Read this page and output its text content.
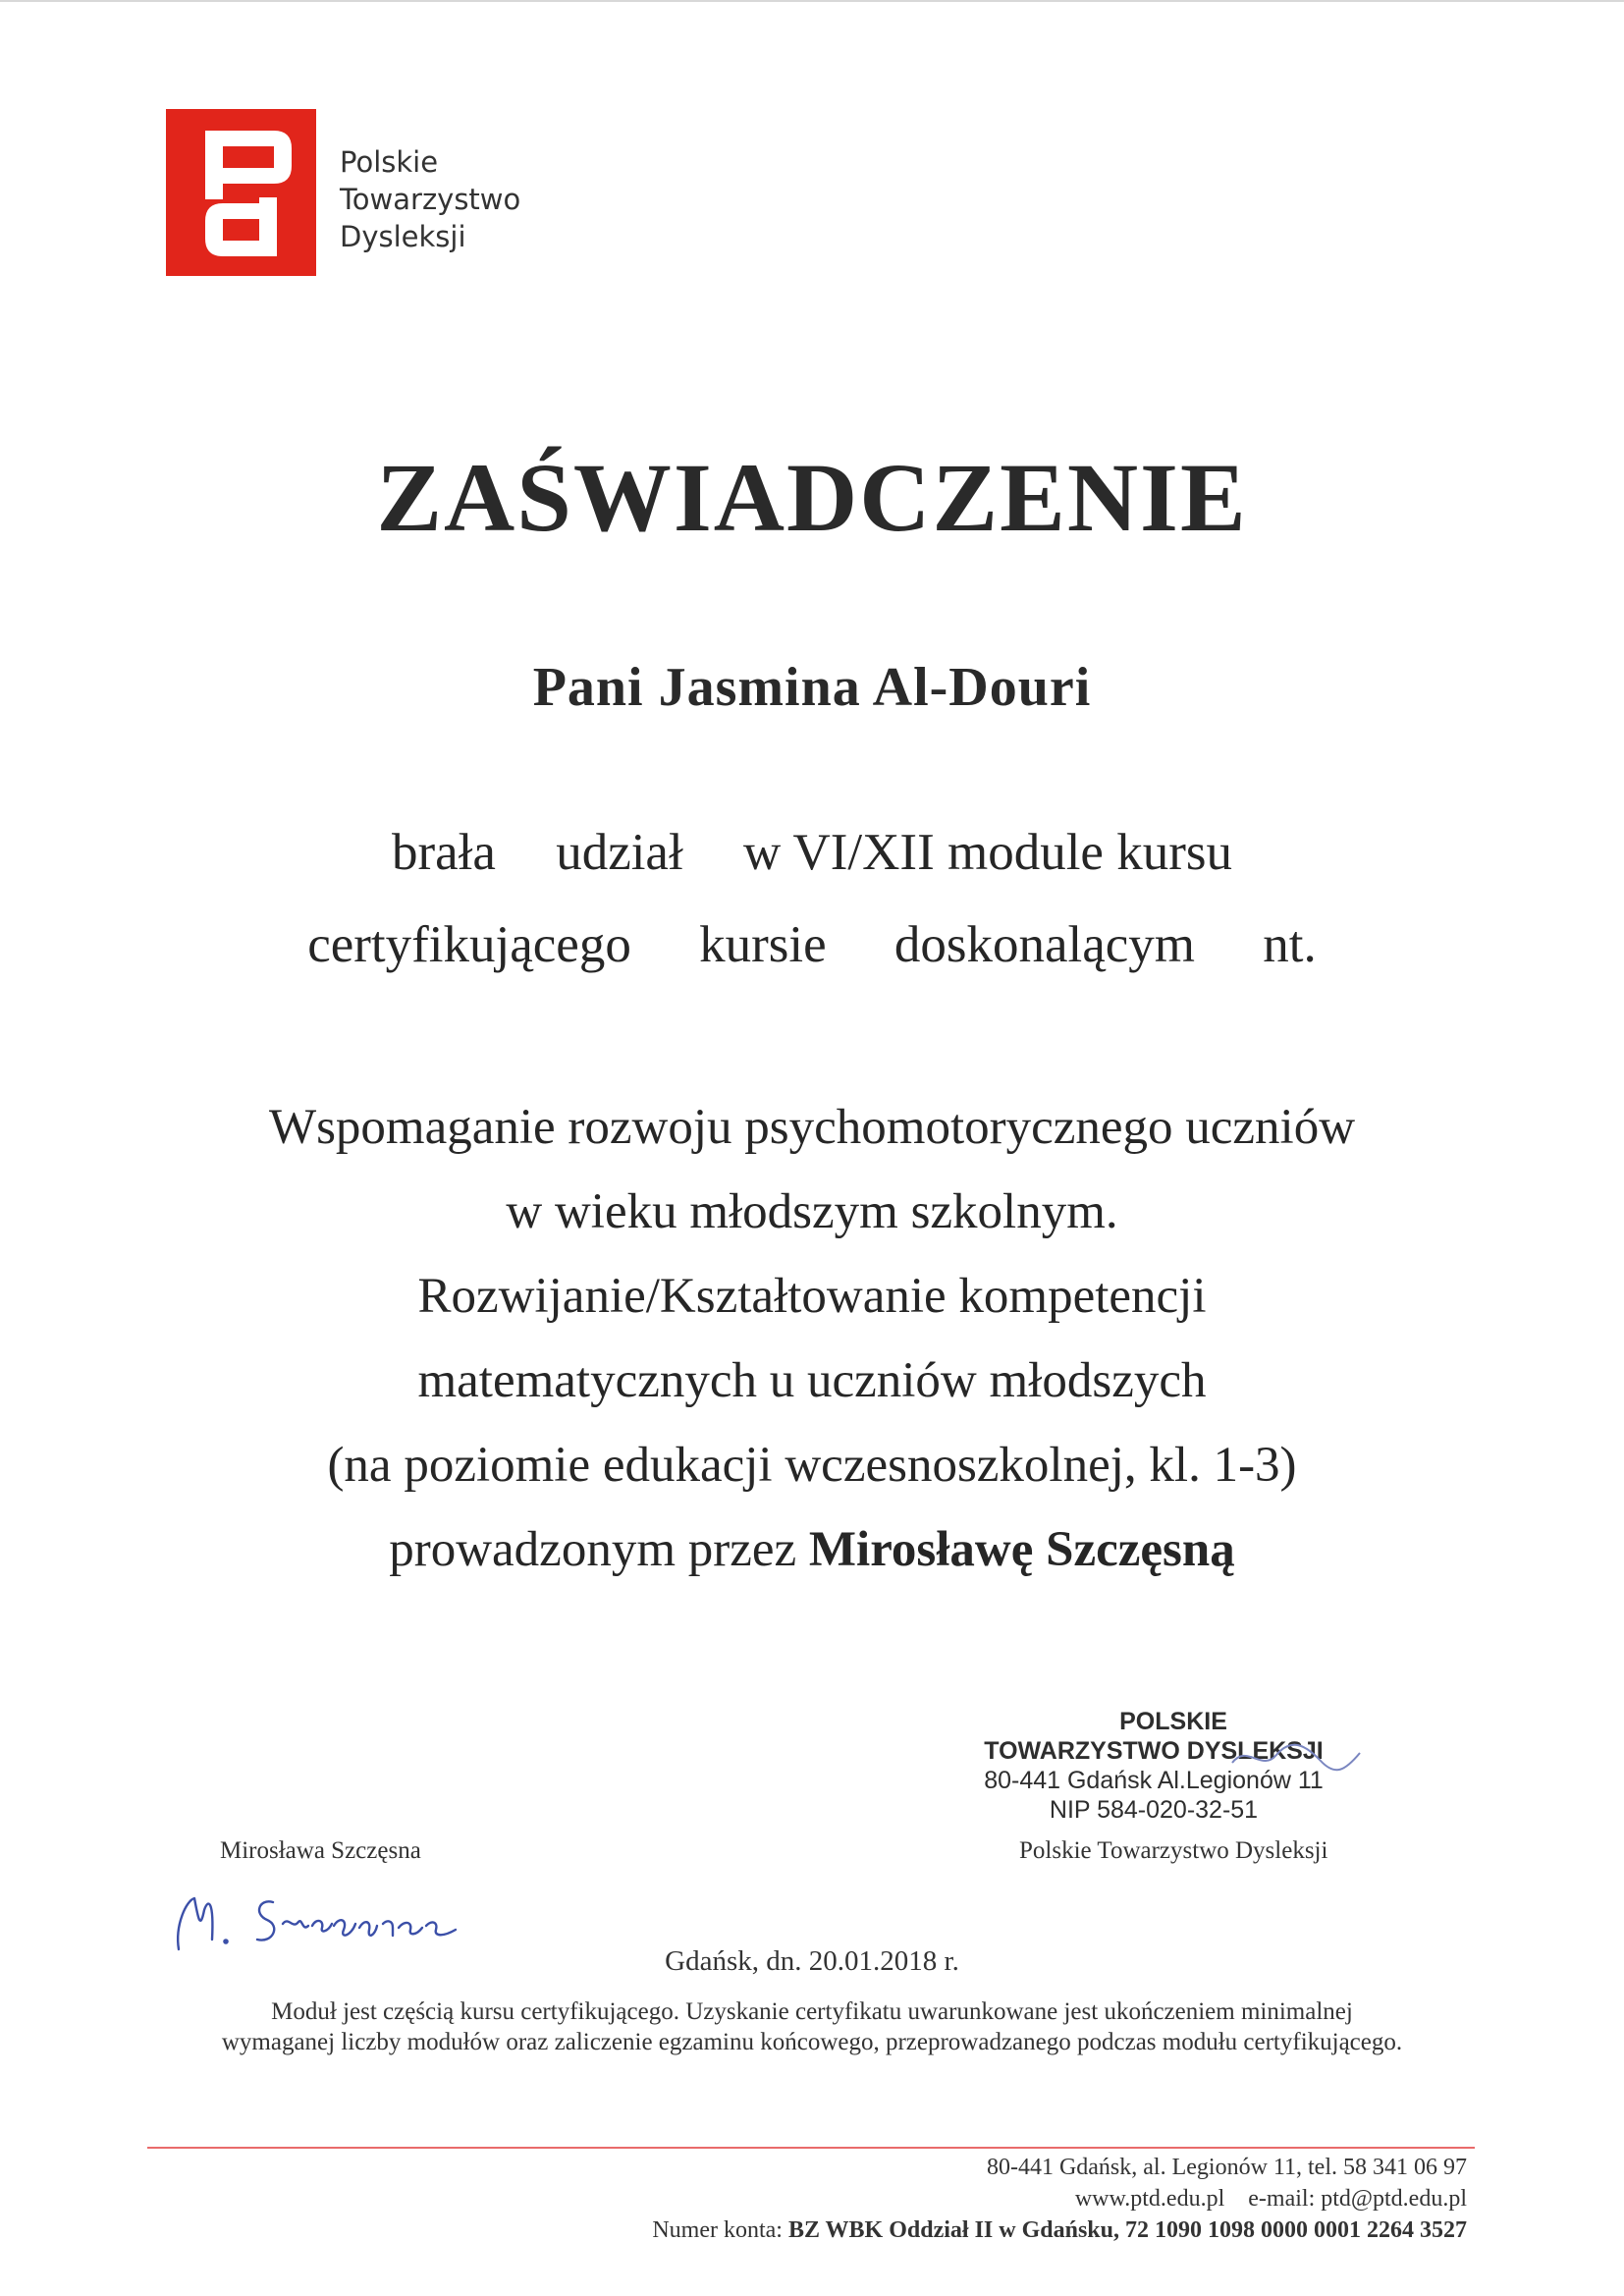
Polskie
Towarzystwo
Dysleksji
ZAŚWIADCZENIE
Pani Jasmina Al-Douri
brała udział w VI/XII module kursu
certyfikującego kursie doskonalącym nt.
Wspomaganie rozwoju psychomotorycznego uczniów
w wieku młodszym szkolnym.
Rozwijanie/Kształtowanie kompetencji
matematycznych u uczniów młodszych
(na poziomie edukacji wczesnoszkolnej, kl. 1-3)
prowadzonym przez Mirosławę Szczęsną
POLSKIE
TOWARZYSTWO DYSLEKSJI
80-441 Gdańsk Al.Legionów 11
NIP 584-020-32-51
Mirosława Szczęsna	Polskie Towarzystwo Dysleksji
Gdańsk, dn. 20.01.2018 r.
Moduł jest częścią kursu certyfikującego. Uzyskanie certyfikatu uwarunkowane jest ukończeniem minimalnej
wymaganej liczby modułów oraz zaliczenie egzaminu końcowego, przeprowadzanego podczas modułu certyfikującego.
80-441 Gdańsk, al. Legionów 11, tel. 58 341 06 97
www.ptd.edu.pl e-mail: ptd@ptd.edu.pl
Numer konta: BZ WBK Oddział II w Gdańsku, 72 1090 1098 0000 0001 2264 3527
